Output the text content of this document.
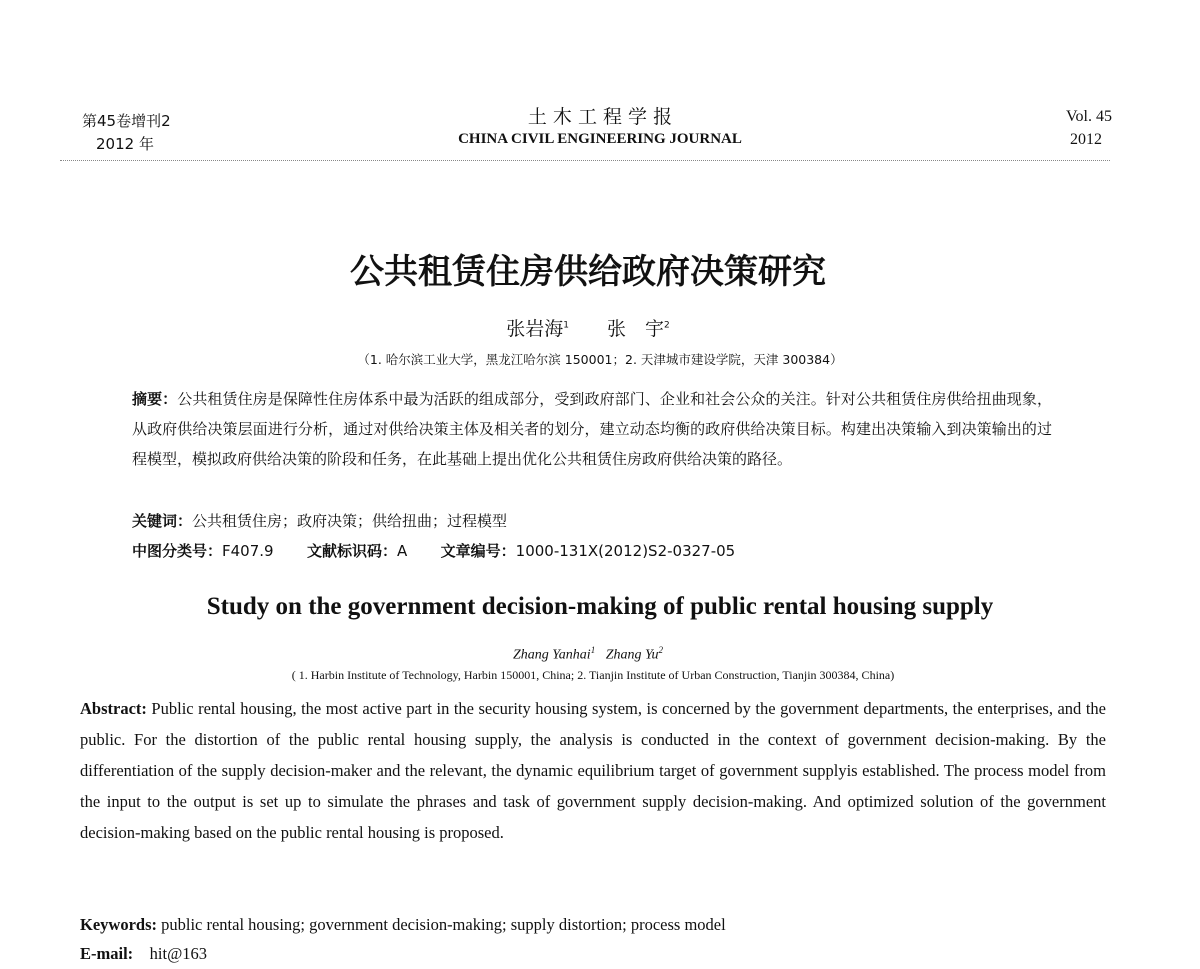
第45卷增刊2
2012 年
土 木 工 程 学 报
CHINA CIVIL ENGINEERING JOURNAL
Vol. 45
2012
公共租赁住房供给政府决策研究
张岩海$^1$　　 张　宇$^2$
（1. 哈尔滨工业大学，黑龙江哈尔滨 150001；2. 天津城市建设学院，天津 300384）
摘要：公共租赁住房是保障性住房体系中最为活跃的组成部分，受到政府部门、企业和社会公众的关注。针对公共租赁住房供给扭曲现象，从政府供给决策层面进行分析，通过对供给决策主体及相关者的划分，建立动态均衡的政府供给决策目标。构建出决策输入到决策输出的过程模型，模拟政府供给决策的阶段和任务，在此基础上提出优化公共租赁住房政府供给决策的路径。
关键词：公共租赁住房；政府决策；供给扭曲；过程模型
中图分类号：F407.9 文献标识码：A 文章编号：1000-131X(2012)S2-0327-05
Study on the government decision-making of public rental housing supply
Zhang Yanhai$^1$ Zhang Yu$^2$
( 1. Harbin Institute of Technology, Harbin 150001, China; 2. Tianjin Institute of Urban Construction, Tianjin 300384, China)
Abstract: Public rental housing, the most active part in the security housing system, is concerned by the government departments, the enterprises, and the public. For the distortion of the public rental housing supply, the analysis is conducted in the context of government decision-making. By the differentiation of the supply decision-maker and the relevant, the dynamic equilibrium target of government supplyis established. The process model from the input to the output is set up to simulate the phrases and task of government supply decision-making. And optimized solution of the government decision-making based on the public rental housing is proposed.
Keywords: public rental housing; government decision-making; supply distortion; process model
E-mail: hit@163
